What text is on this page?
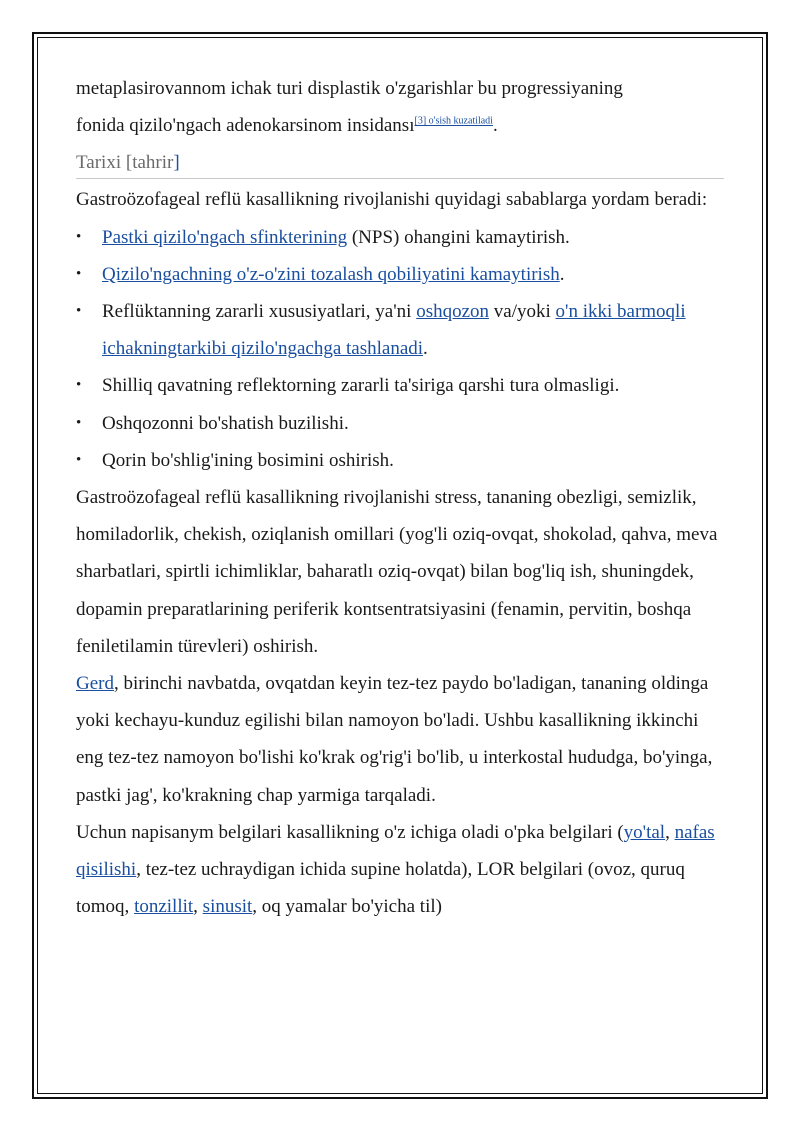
metaplasirovannom ichak turi displastik o'zgarishlar bu progressiyaning
fonida qizilo'ngach adenokarsinom insidansı$^{[3] o'sish kuzatiladi}$.

Tarixi [tahrir]

Gastroözofageal reflü kasallikning rivojlanishi quyidagi sabablarga yordam beradi:

• Pastki qizilo'ngach sfinkterining (NPS) ohangini kamaytirish.
• Qizilo'ngachning o'z-o'zini tozalash qobiliyatini kamaytirish.
• Reflüktanning zararli xususiyatlari, ya'ni oshqozon va/yoki o'n ikki barmoqli ichakningtarkibi qizilo'ngachga tashlanadi.
• Shilliq qavatning reflektorning zararli ta'siriga qarshi tura olmasligi.
• Oshqozonni bo'shatish buzilishi.
• Qorin bo'shlig'ining bosimini oshirish.

Gastroözofageal reflü kasallikning rivojlanishi stress, tananing obezligi, semizlik, homiladorlik, chekish, oziqlanish omillari (yog'li oziq-ovqat, shokolad, qahva, meva sharbatlari, spirtli ichimliklar, baharatlı oziq-ovqat) bilan bog'liq ish, shuningdek, dopamin preparatlarining periferik kontsentratsiyasini (fenamin, pervitin, boshqa feniletilamin türevleri) oshirish.

Gerd, birinchi navbatda, ovqatdan keyin tez-tez paydo bo'ladigan, tananing oldinga yoki kechayu-kunduz egilishi bilan namoyon bo'ladi. Ushbu kasallikning ikkinchi eng tez-tez namoyon bo'lishi ko'krak og'rig'i bo'lib, u interkostal hududga, bo'yinga, pastki jag', ko'krakning chap yarmiga tarqaladi.

Uchun napisanym belgilari kasallikning o'z ichiga oladi o'pka belgilari (yo'tal, nafas qisilishi, tez-tez uchraydigan ichida supine holatda), LOR belgilari (ovoz, quruq tomoq, tonzillit, sinusit, oq yamalar bo'yicha til)
